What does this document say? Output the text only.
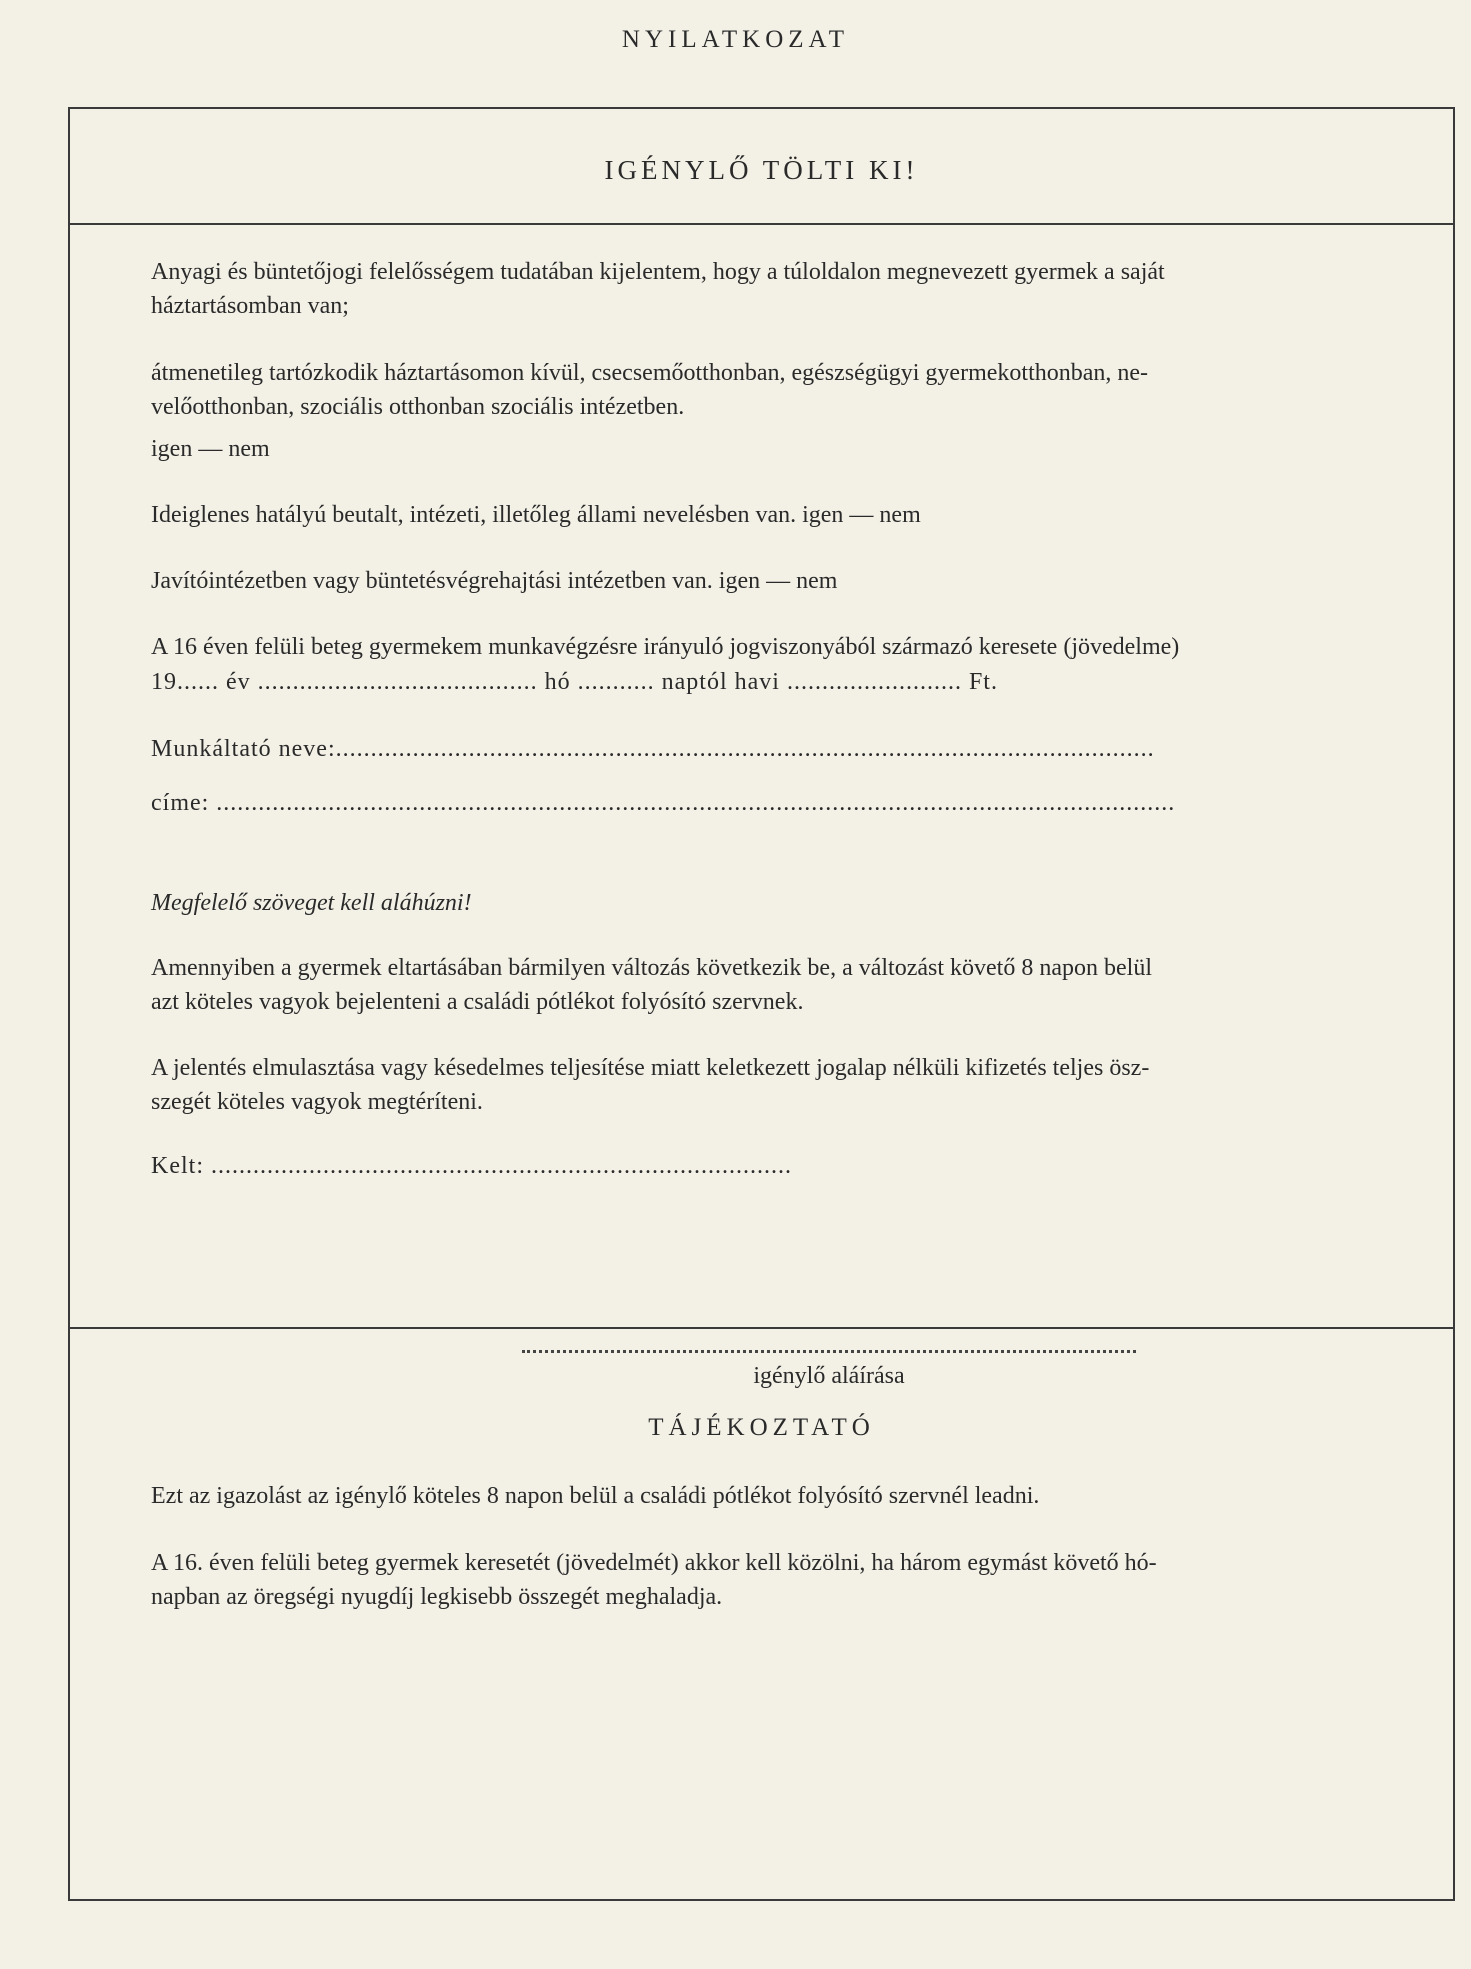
NYILATKOZAT
IGÉNYLŐ TÖLTI KI!

Anyagi és büntetőjogi felelősségem tudatában kijelentem, hogy a túloldalon megnevezett gyermek a saját

háztartásomban van;

átmenetileg tartózkodik háztartásomon kívül, csecsemőotthonban, egészségügyi gyermekotthonban, ne-

velőotthonban, szociális otthonban szociális intézetben.

igen — nem

Ideiglenes hatályú beutalt, intézeti, illetőleg állami nevelésben van. igen — nem

Javítóintézetben vagy büntetésvégrehajtási intézetben van. igen — nem

A 16 éven felüli beteg gyermekem munkavégzésre irányuló jogviszonyából származó keresete (jövedelme)

19...... év ........................................ hó ........... naptól havi ......................... Ft.

Munkáltató neve:.....................................................................................................................

címe: .........................................................................................................................................

Megfelelő szöveget kell aláhúzni!

Amennyiben a gyermek eltartásában bármilyen változás következik be, a változást követő 8 napon belül

azt köteles vagyok bejelenteni a családi pótlékot folyósító szervnek.

A jelentés elmulasztása vagy késedelmes teljesítése miatt keletkezett jogalap nélküli kifizetés teljes ösz-

szegét köteles vagyok megtéríteni.

Kelt: ...................................................................................

igénylő aláírása
TÁJÉKOZTATÓ

Ezt az igazolást az igénylő köteles 8 napon belül a családi pótlékot folyósító szervnél leadni.

A 16. éven felüli beteg gyermek keresetét (jövedelmét) akkor kell közölni, ha három egymást követő hó-

napban az öregségi nyugdíj legkisebb összegét meghaladja.
